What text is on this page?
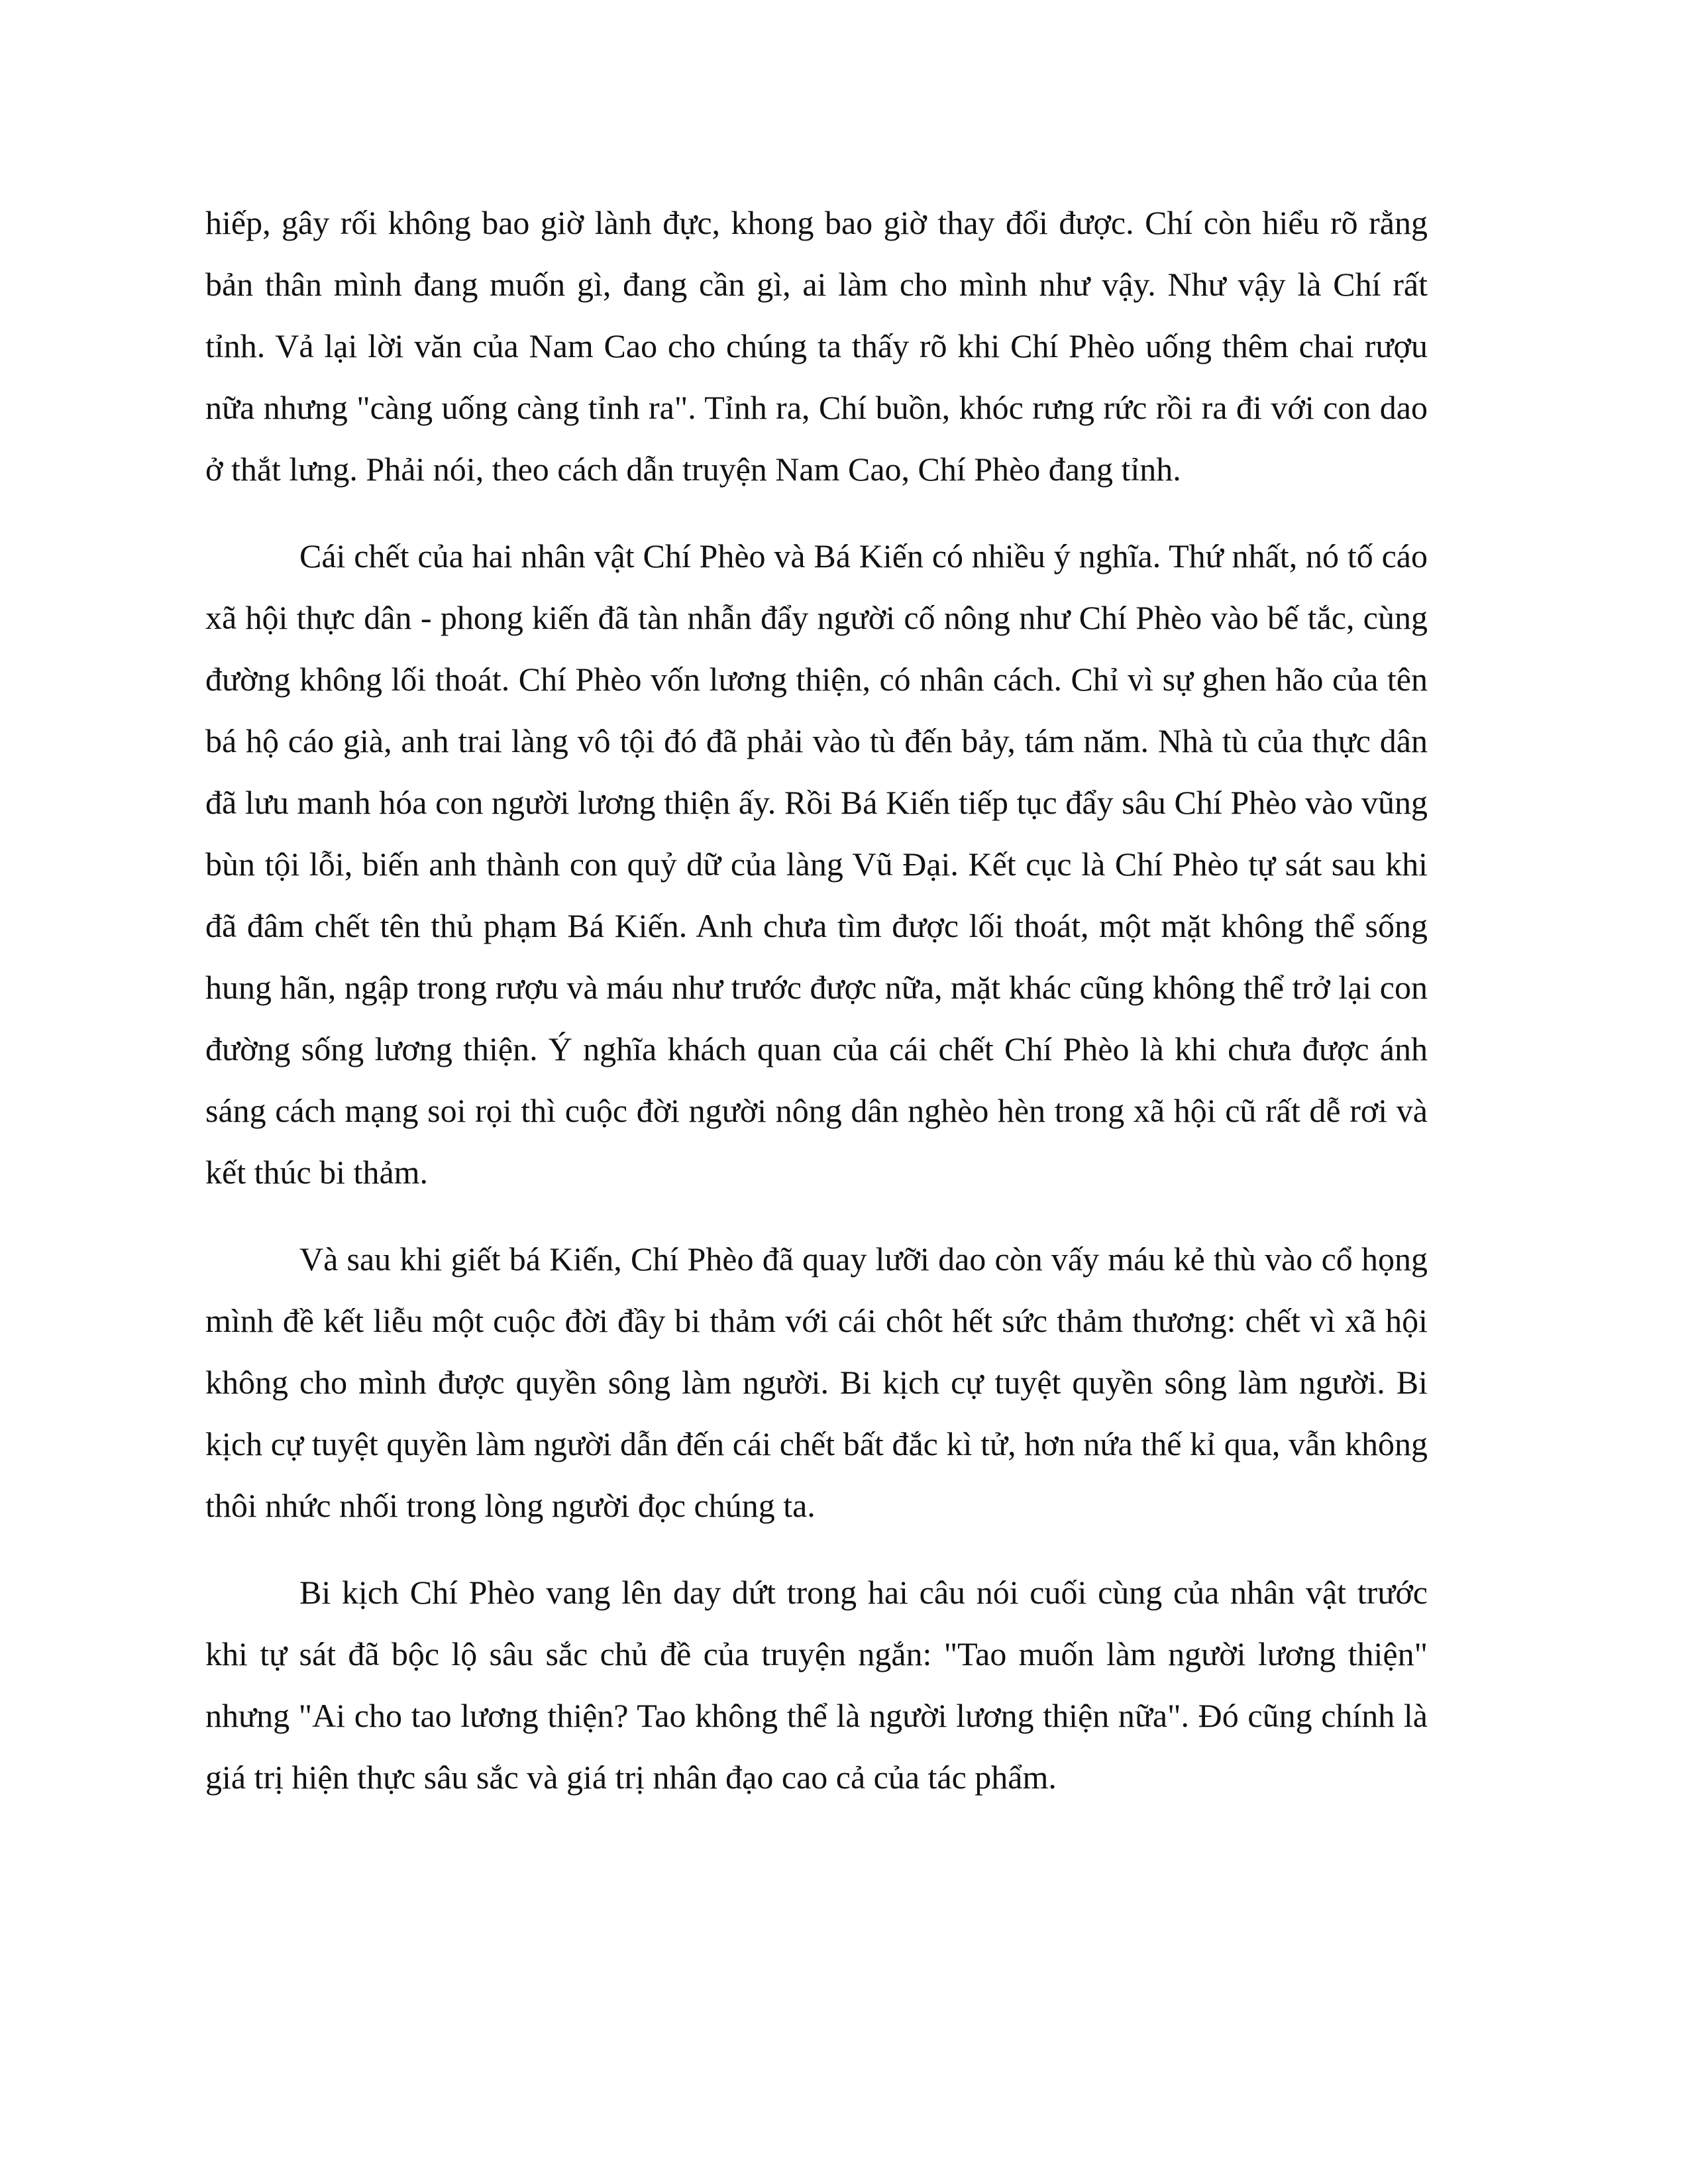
hiếp, gây rối không bao giờ lành đực, khong bao giờ thay đổi được. Chí còn hiểu rõ rằng bản thân mình đang muốn gì, đang cần gì, ai làm cho mình như vậy. Như vậy là Chí rất tỉnh. Vả lại lời văn của Nam Cao cho chúng ta thấy rõ khi Chí Phèo uống thêm chai rượu nữa nhưng "càng uống càng tỉnh ra". Tỉnh ra, Chí buồn, khóc rưng rức rồi ra đi với con dao ở thắt lưng. Phải nói, theo cách dẫn truyện Nam Cao, Chí Phèo đang tỉnh.

Cái chết của hai nhân vật Chí Phèo và Bá Kiến có nhiều ý nghĩa. Thứ nhất, nó tố cáo xã hội thực dân - phong kiến đã tàn nhẫn đẩy người cố nông như Chí Phèo vào bế tắc, cùng đường không lối thoát. Chí Phèo vốn lương thiện, có nhân cách. Chỉ vì sự ghen hão của tên bá hộ cáo già, anh trai làng vô tội đó đã phải vào tù đến bảy, tám năm. Nhà tù của thực dân đã lưu manh hóa con người lương thiện ấy. Rồi Bá Kiến tiếp tục đẩy sâu Chí Phèo vào vũng bùn tội lỗi, biến anh thành con quỷ dữ của làng Vũ Đại. Kết cục là Chí Phèo tự sát sau khi đã đâm chết tên thủ phạm Bá Kiến. Anh chưa tìm được lối thoát, một mặt không thể sống hung hãn, ngập trong rượu và máu như trước được nữa, mặt khác cũng không thể trở lại con đường sống lương thiện. Ý nghĩa khách quan của cái chết Chí Phèo là khi chưa được ánh sáng cách mạng soi rọi thì cuộc đời người nông dân nghèo hèn trong xã hội cũ rất dễ rơi và kết thúc bi thảm.

Và sau khi giết bá Kiến, Chí Phèo đã quay lưỡi dao còn vấy máu kẻ thù vào cổ họng mình đề kết liễu một cuộc đời đầy bi thảm với cái chôt hết sức thảm thương: chết vì xã hội không cho mình được quyền sông làm người. Bi kịch cự tuyệt quyền sông làm người. Bi kịch cự tuyệt quyền làm người dẫn đến cái chết bất đắc kì tử, hơn nứa thế kỉ qua, vẫn không thôi nhức nhối trong lòng người đọc chúng ta.

Bi kịch Chí Phèo vang lên day dứt trong hai câu nói cuối cùng của nhân vật trước khi tự sát đã bộc lộ sâu sắc chủ đề của truyện ngắn: "Tao muốn làm người lương thiện" nhưng "Ai cho tao lương thiện? Tao không thể là người lương thiện nữa". Đó cũng chính là giá trị hiện thực sâu sắc và giá trị nhân đạo cao cả của tác phẩm.
